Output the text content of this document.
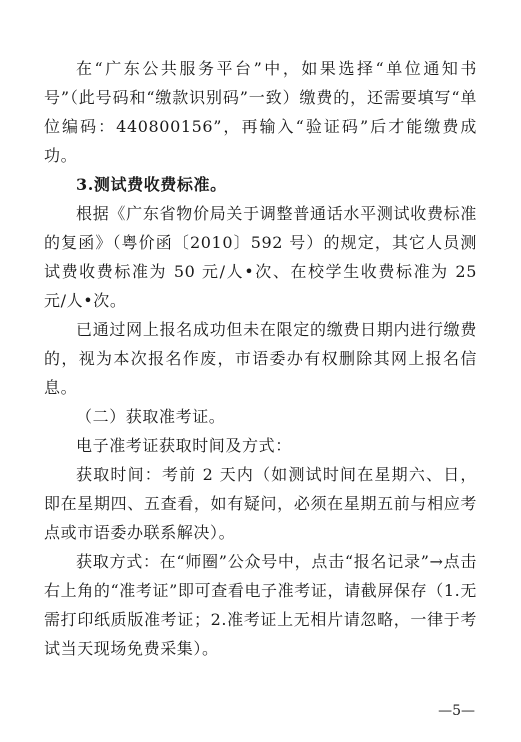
在“广东公共服务平台”中，如果选择“单位通知书号”（此号码和“缴款识别码”一致）缴费的，还需要填写“单位编码：440800156”，再输入“验证码”后才能缴费成功。

3.测试费收费标准。

根据《广东省物价局关于调整普通话水平测试收费标准的复函》（粤价函〔2010〕592 号）的规定，其它人员测试费收费标准为 50 元/人•次、在校学生收费标准为 25 元/人•次。

已通过网上报名成功但未在限定的缴费日期内进行缴费的，视为本次报名作废，市语委办有权删除其网上报名信息。

（二）获取准考证。

电子准考证获取时间及方式：

获取时间：考前 2 天内（如测试时间在星期六、日，即在星期四、五查看，如有疑问，必须在星期五前与相应考点或市语委办联系解决）。

获取方式：在“师圈”公众号中，点击“报名记录”→点击右上角的“准考证”即可查看电子准考证，请截屏保存（1.无需打印纸质版准考证；2.准考证上无相片请忽略，一律于考试当天现场免费采集）。

—5—
